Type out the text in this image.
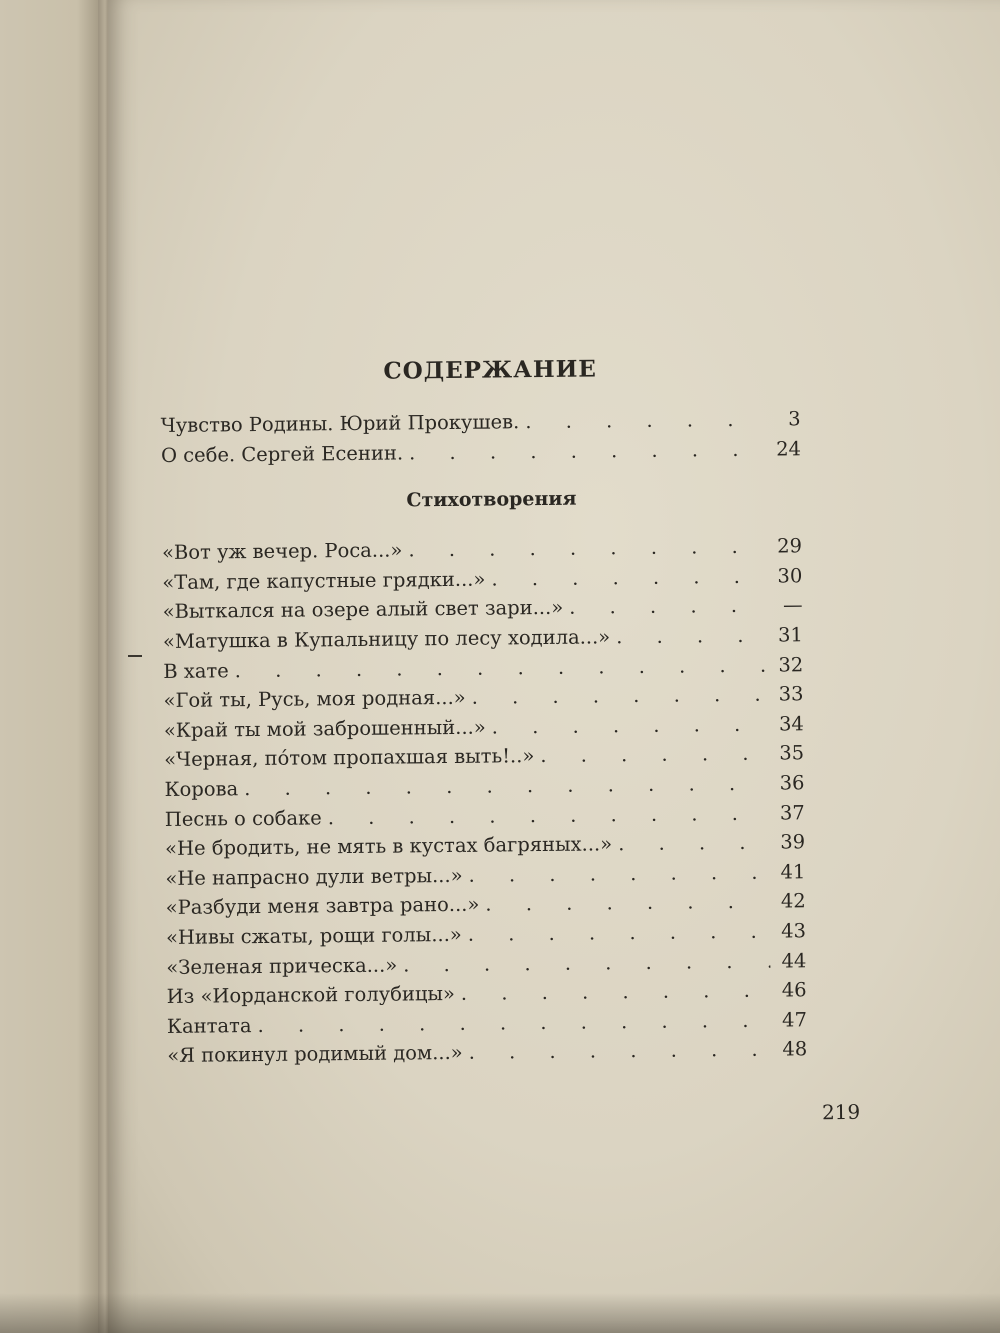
СОДЕРЖАНИЕ
Чувство Родины. Юрий Прокушев. . . .	3
О себе. Сергей Есенин. . . .	24
Стихотворения
«Вот уж вечер. Роса...» . . .	29
«Там, где капустные грядки...» . . .	30
«Выткался на озере алый свет зари...» . . .	—
«Матушка в Купальницу по лесу ходила...» . . .	31
В хате . . .	32
«Гой ты, Русь, моя родная...» . . .	33
«Край ты мой заброшенный...» . . .	34
«Черная, по́том пропахшая выть!..» . . .	35
Корова . . .	36
Песнь о собаке . . .	37
«Не бродить, не мять в кустах багряных...» . . .	39
«Не напрасно дули ветры...» . . .	41
«Разбуди меня завтра рано...» . . .	42
«Нивы сжаты, рощи голы...» . . .	43
«Зеленая прическа...» . . .	44
Из «Иорданской голубицы» . . .	46
Кантата . . .	47
«Я покинул родимый дом...» . . .	48
219
